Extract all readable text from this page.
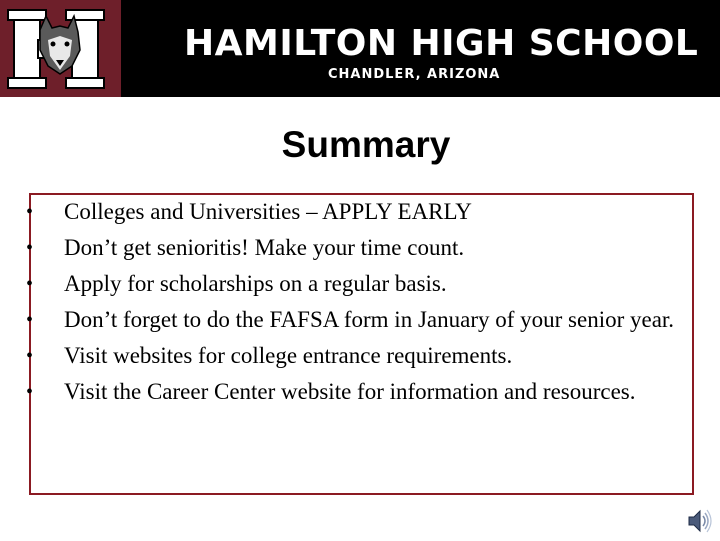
HAMILTON HIGH SCHOOL

CHANDLER, ARIZONA

Summary
• Colleges and Universities – APPLY EARLY
• Don’t get senioritis! Make your time count.
• Apply for scholarships on a regular basis.
• Don’t forget to do the FAFSA form in January of your senior year.
• Visit websites for college entrance requirements.
• Visit the Career Center website for information and resources.
